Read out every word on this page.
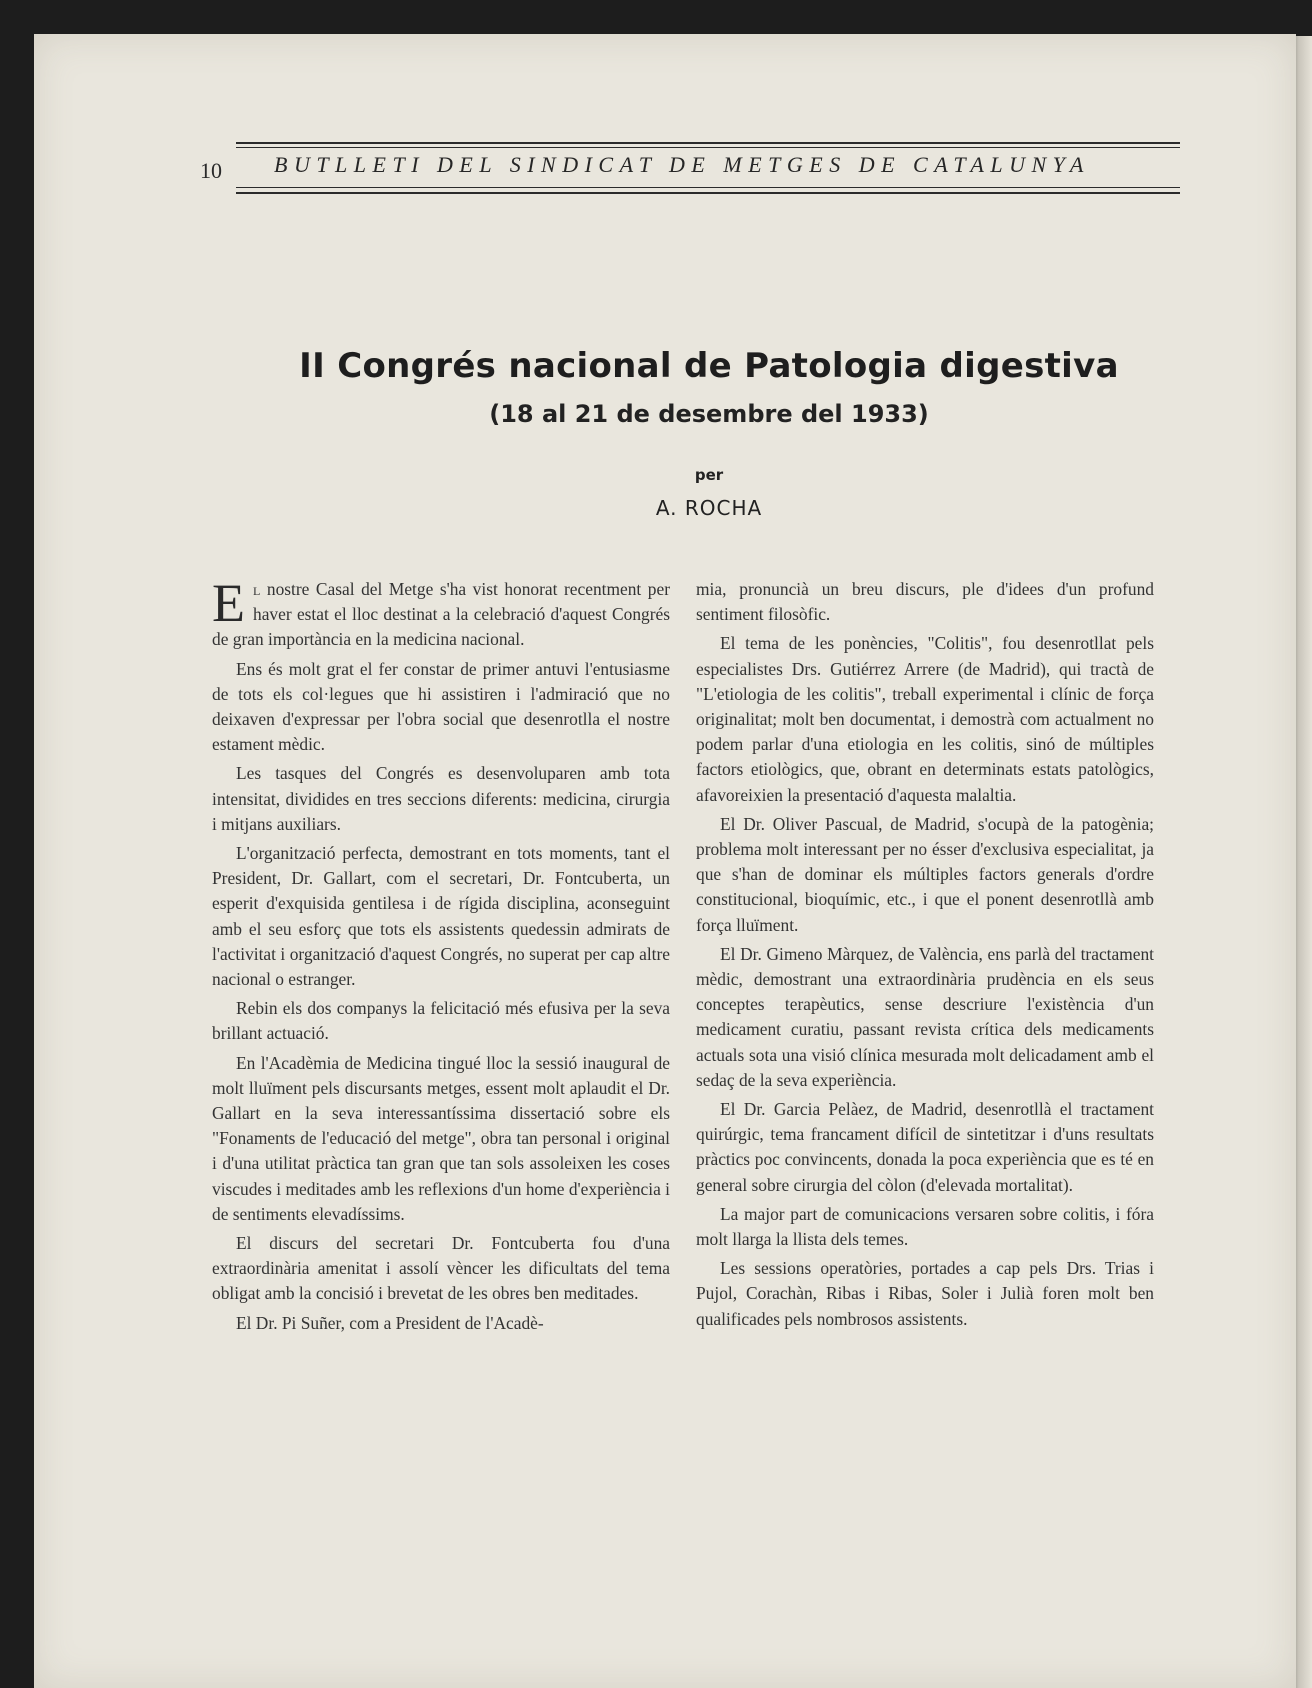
10 BUTLLETI DEL SINDICAT DE METGES DE CATALUNYA
II Congrés nacional de Patologia digestiva
(18 al 21 de desembre del 1933)
per
A. ROCHA

El nostre Casal del Metge s'ha vist honorat recentment per haver estat el lloc destinat a la celebració d'aquest Congrés de gran importància en la medicina nacional.

Ens és molt grat el fer constar de primer antuvi l'entusiasme de tots els col·legues que hi assistiren i l'admiració que no deixaven d'expressar per l'obra social que desenrotlla el nostre estament mèdic.

Les tasques del Congrés es desenvoluparen amb tota intensitat, dividides en tres seccions diferents: medicina, cirurgia i mitjans auxiliars.

L'organització perfecta, demostrant en tots moments, tant el President, Dr. Gallart, com el secretari, Dr. Fontcuberta, un esperit d'exquisida gentilesa i de rígida disciplina, aconseguint amb el seu esforç que tots els assistents quedessin admirats de l'activitat i organització d'aquest Congrés, no superat per cap altre nacional o estranger.

Rebin els dos companys la felicitació més efusiva per la seva brillant actuació.

En l'Acadèmia de Medicina tingué lloc la sessió inaugural de molt lluïment pels discursants metges, essent molt aplaudit el Dr. Gallart en la seva interessantíssima dissertació sobre els "Fonaments de l'educació del metge", obra tan personal i original i d'una utilitat pràctica tan gran que tan sols assoleixen les coses viscudes i meditades amb les reflexions d'un home d'experiència i de sentiments elevadíssims.

El discurs del secretari Dr. Fontcuberta fou d'una extraordinària amenitat i assolí vèncer les dificultats del tema obligat amb la concisió i brevetat de les obres ben meditades.

El Dr. Pi Suñer, com a President de l'Acadè-

mia, pronuncià un breu discurs, ple d'idees d'un profund sentiment filosòfic.

El tema de les ponències, "Colitis", fou desenrotllat pels especialistes Drs. Gutiérrez Arrere (de Madrid), qui tractà de "L'etiologia de les colitis", treball experimental i clínic de força originalitat; molt ben documentat, i demostrà com actualment no podem parlar d'una etiologia en les colitis, sinó de múltiples factors etiològics, que, obrant en determinats estats patològics, afavoreixien la presentació d'aquesta malaltia.

El Dr. Oliver Pascual, de Madrid, s'ocupà de la patogènia; problema molt interessant per no ésser d'exclusiva especialitat, ja que s'han de dominar els múltiples factors generals d'ordre constitucional, bioquímic, etc., i que el ponent desenrotllà amb força lluïment.

El Dr. Gimeno Màrquez, de València, ens parlà del tractament mèdic, demostrant una extraordinària prudència en els seus conceptes terapèutics, sense descriure l'existència d'un medicament curatiu, passant revista crítica dels medicaments actuals sota una visió clínica mesurada molt delicadament amb el sedaç de la seva experiència.

El Dr. Garcia Pelàez, de Madrid, desenrotllà el tractament quirúrgic, tema francament difícil de sintetitzar i d'uns resultats pràctics poc convincents, donada la poca experiència que es té en general sobre cirurgia del còlon (d'elevada mortalitat).

La major part de comunicacions versaren sobre colitis, i fóra molt llarga la llista dels temes.

Les sessions operatòries, portades a cap pels Drs. Trias i Pujol, Corachàn, Ribas i Ribas, Soler i Julià foren molt ben qualificades pels nombrosos assistents.
